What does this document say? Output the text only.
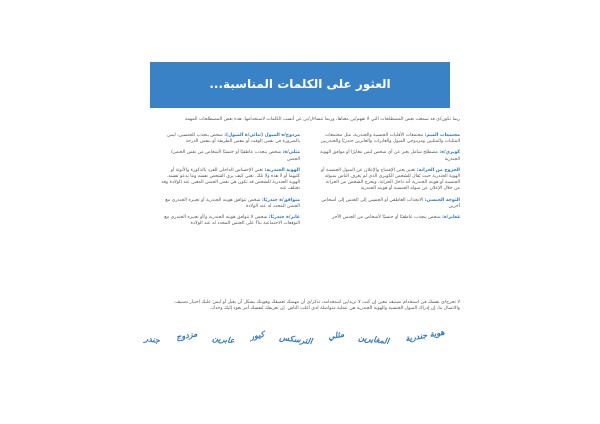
العثور على الكلمات المناسبة...

ربما تكون/ي قد سمعت بعض المصطلحات التي لا تفهم/ين معناها، وربما تتساءل/ين عن أنسب الكلمات لاستخدامها. هذه بعض المصطلحات المهمة

مجتمعات الميم: مجتمعات الأقليات الجنسية والجندرية، مثل مجتمعات المثليات والمثليين ومزدوجي الميول والعابرات والعابرين جندريًا والجندريين

كويري/ة: مصطلح شامل يعبر عن أي شخص ليس مغايرًا أو موافق الهوية الجندرية

الخروج من الخزانة: تعبير يعني الإفصاح والإعلان عن الميول الجنسية أو الهوية الجندرية حيث يُقال للشخص الكويري الذي لم يعرف الناس بميوله الجنسية أو هويته الجندرية أنه داخل الخزانة، ويخرج الشخص من الخزانة من خلال الإعلان عن ميوله الجنسية أو هويته الجندرية

التوجه الجنسي: الانجذاب العاطفي أو الجنسي إلى الجنس إلى أشخاص آخرين

مُغاير/ة: شخص ينجذب عاطفيًا أو جنسيًا لأشخاص من الجنس الآخر

مزدوج/ة الميول (ثنائي/ة الميول): شخص ينجذب للجنسين، ليس بالضرورة في نفس الوقت أو بنفس الطريقة أو بنفس الدرجة

مثلي/ة: شخص ينجذب عاطفيًا أو جنسيًا لأشخاص من نفس الجنس/الجنس

الهوية الجندرية: تعني الإحساس الداخلي للفرد بالذكورة والأنوثة أو كليهما أو لا هذه ولا تلك. تعني كيف يرى الشخص نفسه وما يدعو نفسه. الهوية الجندرية للشخص قد تكون هي نفس الجنس المعين عند الولادة وقد تختلف عنه

متوافق/ة جندريًا: شخص تتوافق هويته الجندرية أو تعبيره الجندري مع الجنس المحدد له عند الولادة

عابر/ة جندريًا: شخص لا تتوافق هويته الجندرية و/أو تعبيره الجندري مع التوقعات الاجتماعية بناءً على الجنس المحدد له عند الولادة

لا تحرج/ي نفسك في استخدام تصنيف معين إن كنت لا تريد/ين استخدامه، تذكر/ي أن مهمتك تعميقك وهويتك بشكل آن يقبل أو ليس عليك اختيار تصنيف. والاتصال بنا، إن إدراك الميول الجنسية والهوية الجندرية هي عملية متواصلة لدى أغلب الناس. إن تعريفك لنفسك أمر يعود إليك وحدك.

هوية جندرية
المغايرين
مثلي
الترسكس
كيور
عابرين
مزدوج
جندر
